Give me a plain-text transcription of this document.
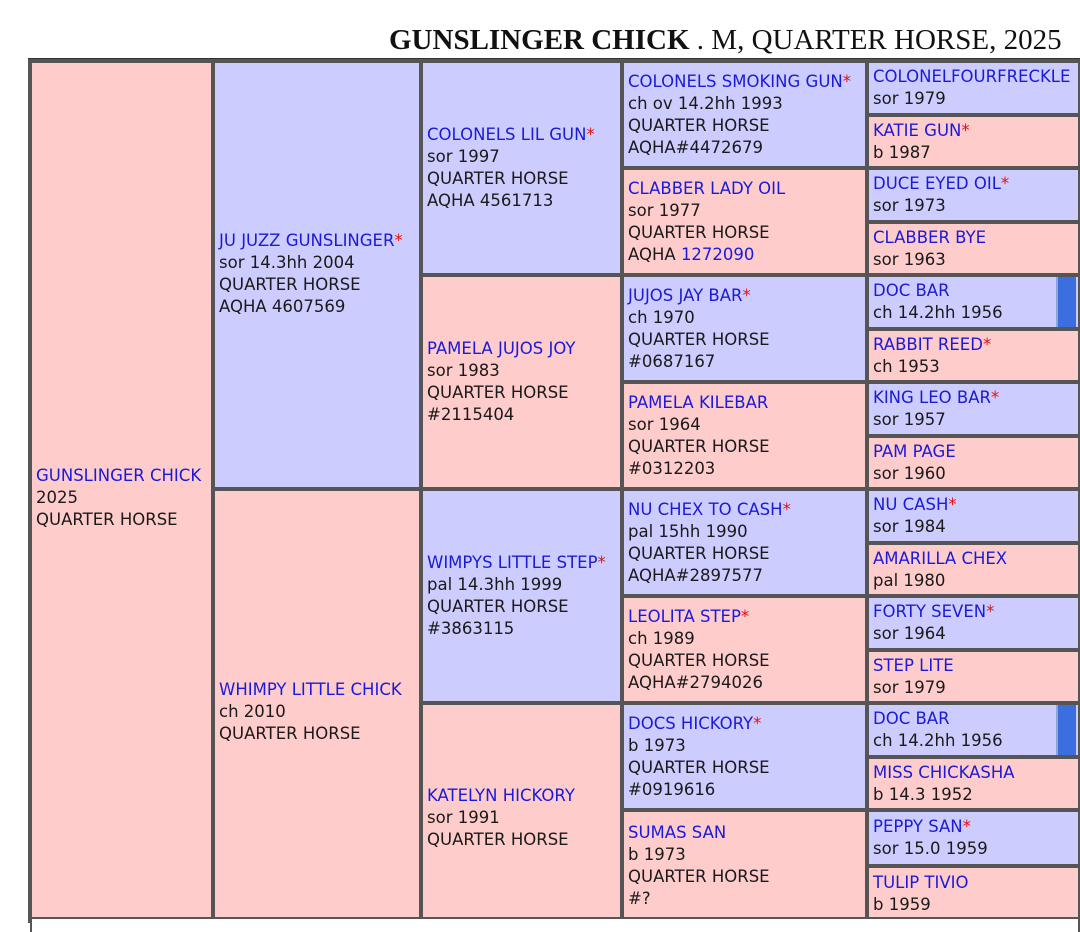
GUNSLINGER CHICK . M, QUARTER HORSE, 2025
GUNSLINGER CHICK
2025
QUARTER HORSE
JU JUZZ GUNSLINGER*
sor 14.3hh 2004
QUARTER HORSE
AQHA 4607569
WHIMPY LITTLE CHICK
ch 2010
QUARTER HORSE
COLONELS LIL GUN*
sor 1997
QUARTER HORSE
AQHA 4561713
PAMELA JUJOS JOY
sor 1983
QUARTER HORSE
#2115404
WIMPYS LITTLE STEP*
pal 14.3hh 1999
QUARTER HORSE
#3863115
KATELYN HICKORY
sor 1991
QUARTER HORSE
COLONELS SMOKING GUN*
ch ov 14.2hh 1993
QUARTER HORSE
AQHA#4472679
CLABBER LADY OIL
sor 1977
QUARTER HORSE
AQHA 1272090
JUJOS JAY BAR*
ch 1970
QUARTER HORSE
#0687167
PAMELA KILEBAR
sor 1964
QUARTER HORSE
#0312203
NU CHEX TO CASH*
pal 15hh 1990
QUARTER HORSE
AQHA#2897577
LEOLITA STEP*
ch 1989
QUARTER HORSE
AQHA#2794026
DOCS HICKORY*
b 1973
QUARTER HORSE
#0919616
SUMAS SAN
b 1973
QUARTER HORSE
#?
COLONELFOURFRECKLE
sor 1979
KATIE GUN*
b 1987
DUCE EYED OIL*
sor 1973
CLABBER BYE
sor 1963
DOC BAR
ch 14.2hh 1956
RABBIT REED*
ch 1953
KING LEO BAR*
sor 1957
PAM PAGE
sor 1960
NU CASH*
sor 1984
AMARILLA CHEX
pal 1980
FORTY SEVEN*
sor 1964
STEP LITE
sor 1979
DOC BAR
ch 14.2hh 1956
MISS CHICKASHA
b 14.3 1952
PEPPY SAN*
sor 15.0 1959
TULIP TIVIO
b 1959
